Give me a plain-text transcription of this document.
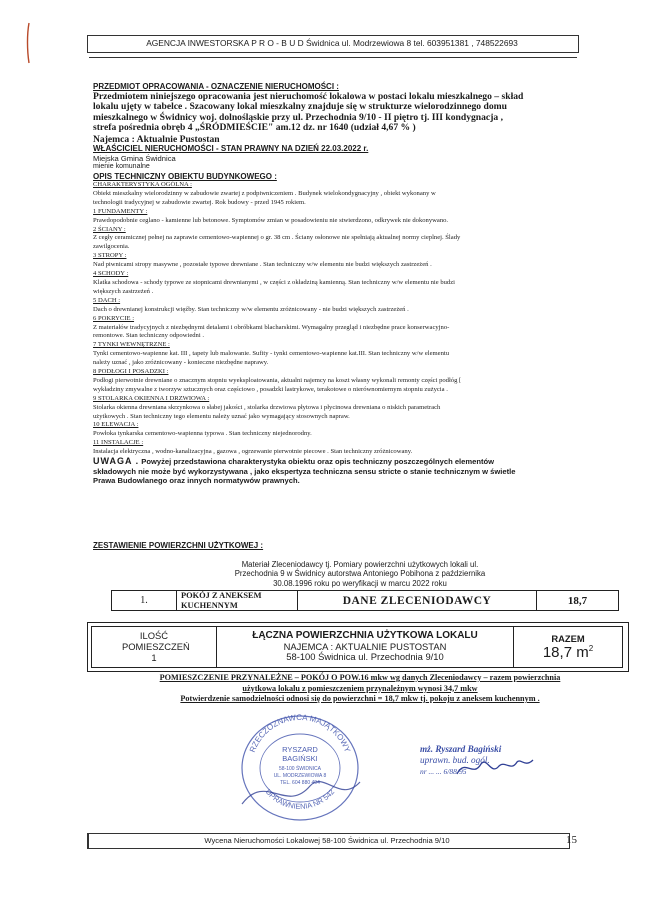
AGENCJA INWESTORSKA P R O - B U D Świdnica ul. Modrzewiowa 8 tel. 603951381 , 748522693
PRZEDMIOT OPRACOWANIA - OZNACZENIE NIERUCHOMOŚCI :
Przedmiotem niniejszego opracowania jest nieruchomość lokalowa w postaci lokalu mieszkalnego – skład
lokalu ujęty w tabelce . Szacowany lokal mieszkalny znajduje się w strukturze wielorodzinnego domu
mieszkalnego w Świdnicy woj. dolnośląskie przy ul. Przechodnia 9/10 - II piętro tj. III kondygnacja ,
strefa pośrednia obręb 4 „ŚRÓDMIEŚCIE" am.12 dz. nr 1640 (udział 4,67 % )
Najemca : Aktualnie Pustostan
WŁAŚCICIEL NIERUCHOMOŚCI - STAN PRAWNY NA DZIEŃ 22.03.2022 r.
Miejska Gmina Świdnica
mienie komunalne
OPIS TECHNICZNY OBIEKTU BUDYNKOWEGO :
CHARAKTERYSTYKA OGÓLNA :
Obiekt mieszkalny wielorodzinny w zabudowie zwartej z podpiwniczeniem . Budynek wielokondygnacyjny , obiekt wykonany w
technologii tradycyjnej w zabudowie zwartej. Rok budowy - przed 1945 rokiem.
1 FUNDAMENTY :
Prawdopodobnie ceglano - kamienne lub betonowe. Symptomów zmian w posadowieniu nie stwierdzono, odkrywek nie dokonywano.
2 ŚCIANY :
Z cegły ceramicznej pełnej na zaprawie cementowo-wapiennej o gr. 38 cm . Ściany osłonowe nie spełniają aktualnej normy cieplnej. Ślady
zawilgocenia.
3 STROPY :
Nad piwnicami stropy masywne , pozostałe typowe drewniane . Stan techniczny w/w elementu nie budzi większych zastrzeżeń .
4 SCHODY :
Klatka schodowa - schody typowe ze stopnicami drewnianymi , w części z okładziną kamienną. Stan techniczny w/w elementu nie budzi
większych zastrzeżeń .
5 DACH :
Dach o drewnianej konstrukcji więźby. Stan techniczny w/w elementu zróżnicowany - nie budzi większych zastrzeżeń .
6 POKRYCIE :
Z materiałów tradycyjnych z niezbędnymi detalami i obróbkami blacharskimi. Wymagalny przegląd i niezbędne prace konserwacyjno-
remontowe. Stan techniczny odpowiedni .
7 TYNKI WEWNĘTRZNE :
Tynki cementowo-wapienne kat. III , tapety lub malowanie. Sufity - tynki cementowo-wapienne kat.III. Stan techniczny w/w elementu
należy uznać , jako zróżnicowany - konieczne niezbędne naprawy.
8 PODŁOGI I POSADZKI :
Podłogi pierwotnie drewniane o znacznym stopniu wyeksploatowania, aktualni najemcy na koszt własny wykonali remonty części podłóg [
wykładziny zmywalne z tworzyw sztucznych oraz częściowo , posadzki lastrykowe, terakotowe o nierównomiernym stopniu zużycia .
9 STOLARKA OKIENNA I DRZWIOWA :
Stolarka okienna drewniana skrzynkowa o słabej jakości , stolarka drzwiowa płytowa i płycinowa drewniana o niskich parametrach
użytkowych . Stan techniczny tego elementu należy uznać jako wymagający stosownych napraw.
10 ELEWACJA :
Powłoka tynkarska cementowo-wapienna typowa . Stan techniczny niejednorodny.
11 INSTALACJE :
Instalacja elektryczna , wodno-kanalizacyjna , gazowa , ogrzewanie pierwotnie piecowe . Stan techniczny zróżnicowany.
UWAGA . Powyżej przedstawiona charakterystyka obiektu oraz opis techniczny poszczególnych elementów
składowych nie może być wykorzystywana , jako ekspertyza techniczna sensu stricte o stanie technicznym w świetle
Prawa Budowlanego oraz innych normatywów prawnych.
ZESTAWIENIE POWIERZCHNI UŻYTKOWEJ :
Materiał Zleceniodawcy tj. Pomiary powierzchni użytkowych lokali ul.
Przechodnia 9 w Świdnicy autorstwa Antoniego Pobihona z października
30.08.1996 roku po weryfikacji w marcu 2022 roku
1.	POKÓJ Z ANEKSEM KUCHENNYM	DANE ZLECENIODAWCY	18,7
ILOŚĆ POMIESZCZEŃ
1

ŁĄCZNA POWIERZCHNIA UŻYTKOWA LOKALU
NAJEMCA : AKTUALNIE PUSTOSTAN
58-100 Świdnica ul. Przechodnia 9/10

RAZEM
18,7 $m^2$
POMIESZCZENIE PRZYNALEŻNE – POKÓJ O POW.16 mkw wg danych Zleceniodawcy – razem powierzchnia
użytkowa lokalu z pomieszczeniem przynależnym wynosi 34,7 mkw
Potwierdzenie samodzielności odnosi się do powierzchni = 18,7 mkw tj. pokoju z aneksem kuchennym .
RZECZOZNAWCA MAJĄTKOWY
UPRAWNIENIA NR 542
RYSZARD
BAGIŃSKI
58-100 ŚWIDNICA
UL. MODRZEWIOWA 8
TEL. 604 880 494
mż. Ryszard Bagiński
uprawn. bud. ogól.
nr ... ... 6/88/95
Wycena Nieruchomości Lokalowej 58-100 Świdnica ul. Przechodnia 9/10	15
